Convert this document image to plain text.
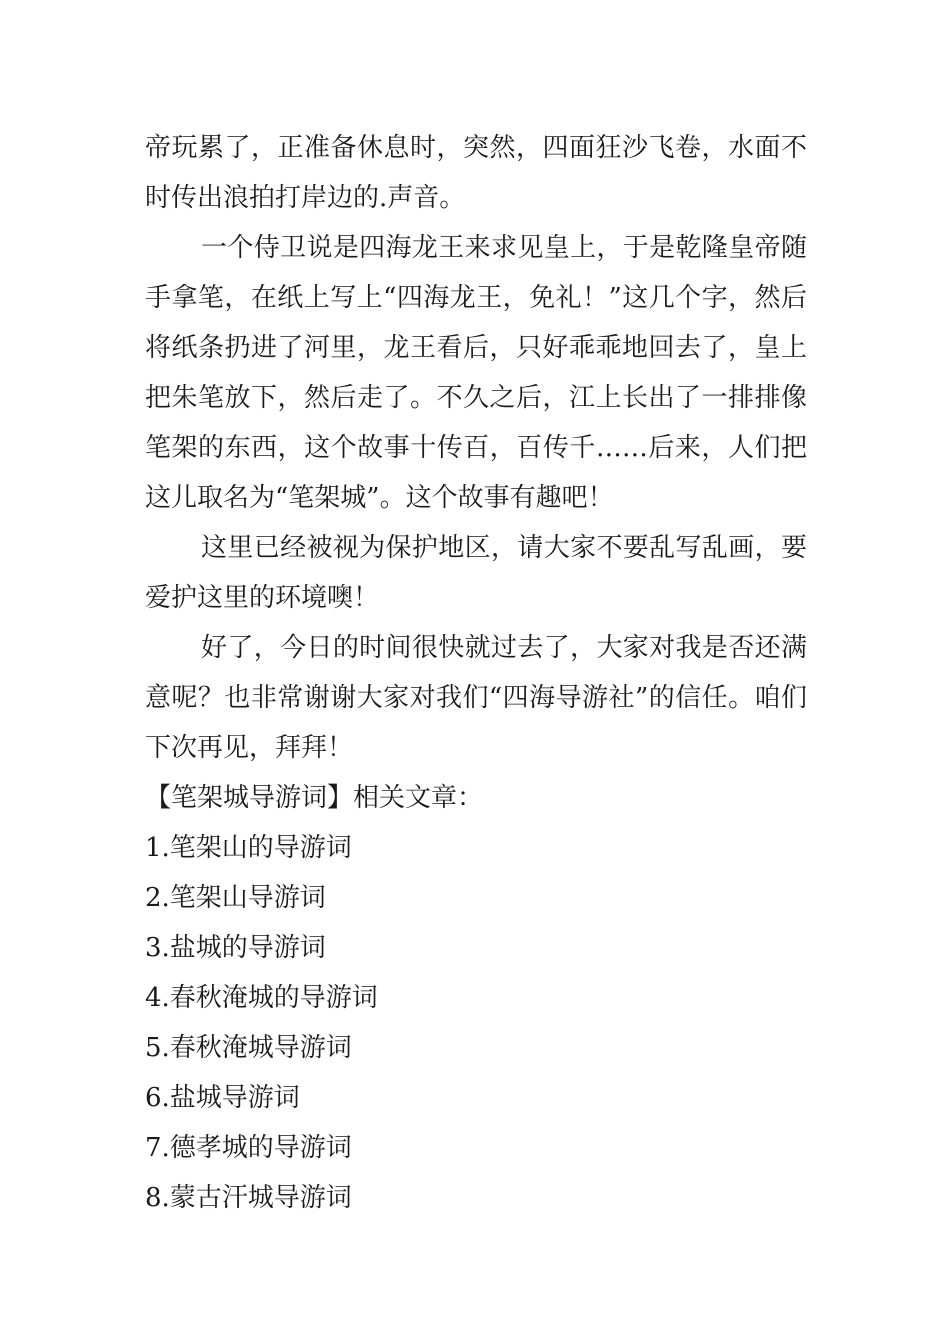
帝玩累了，正准备休息时，突然，四面狂沙飞卷，水面不时传出浪拍打岸边的.声音。

一个侍卫说是四海龙王来求见皇上，于是乾隆皇帝随手拿笔，在纸上写上“四海龙王，免礼！”这几个字，然后将纸条扔进了河里，龙王看后，只好乖乖地回去了，皇上把朱笔放下，然后走了。不久之后，江上长出了一排排像笔架的东西，这个故事十传百，百传千……后来，人们把这儿取名为“笔架城”。这个故事有趣吧！

这里已经被视为保护地区，请大家不要乱写乱画，要爱护这里的环境噢！

好了，今日的时间很快就过去了，大家对我是否还满意呢？也非常谢谢大家对我们“四海导游社”的信任。咱们下次再见，拜拜！

【笔架城导游词】相关文章：

1.笔架山的导游词
2.笔架山导游词
3.盐城的导游词
4.春秋淹城的导游词
5.春秋淹城导游词
6.盐城导游词
7.德孝城的导游词
8.蒙古汗城导游词
